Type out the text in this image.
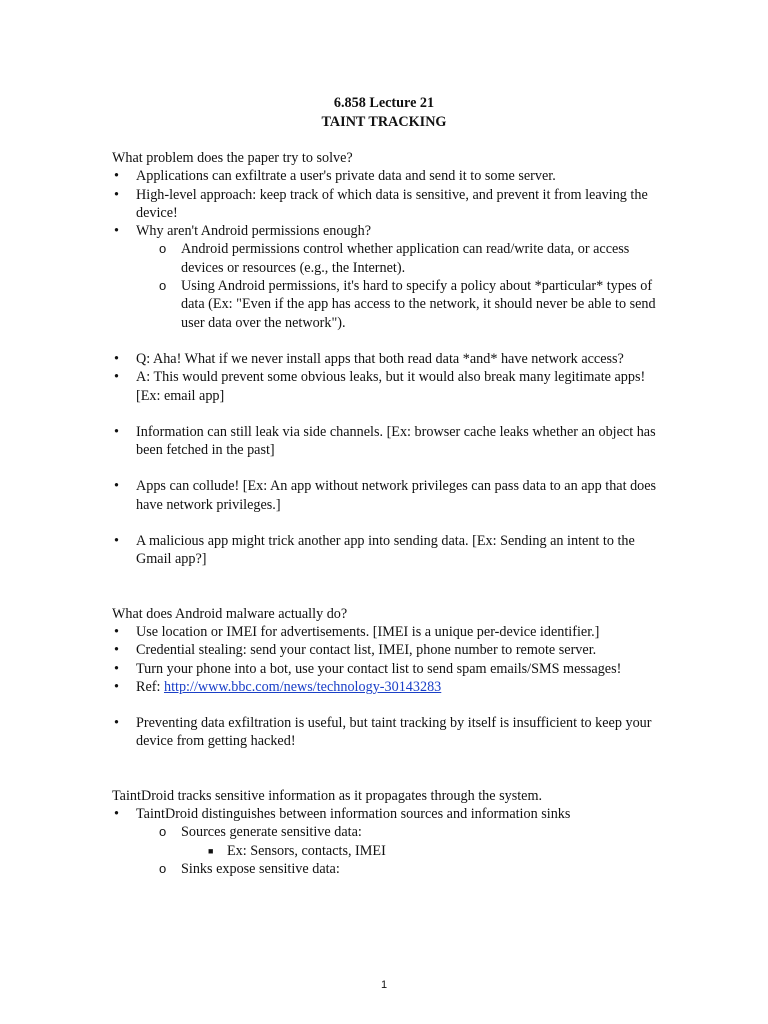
6.858 Lecture 21
TAINT TRACKING
What problem does the paper try to solve?
• Applications can exfiltrate a user's private data and send it to some server.
• High-level approach: keep track of which data is sensitive, and prevent it from leaving the device!
• Why aren't Android permissions enough?
o Android permissions control whether application can read/write data, or access devices or resources (e.g., the Internet).
o Using Android permissions, it's hard to specify a policy about *particular* types of data (Ex: "Even if the app has access to the network, it should never be able to send user data over the network").
• Q: Aha! What if we never install apps that both read data *and* have network access?
• A: This would prevent some obvious leaks, but it would also break many legitimate apps! [Ex: email app]
• Information can still leak via side channels. [Ex: browser cache leaks whether an object has been fetched in the past]
• Apps can collude! [Ex: An app without network privileges can pass data to an app that does have network privileges.]
• A malicious app might trick another app into sending data. [Ex: Sending an intent to the Gmail app?]
What does Android malware actually do?
• Use location or IMEI for advertisements. [IMEI is a unique per-device identifier.]
• Credential stealing: send your contact list, IMEI, phone number to remote server.
• Turn your phone into a bot, use your contact list to send spam emails/SMS messages!
• Ref: http://www.bbc.com/news/technology-30143283
• Preventing data exfiltration is useful, but taint tracking by itself is insufficient to keep your device from getting hacked!
TaintDroid tracks sensitive information as it propagates through the system.
• TaintDroid distinguishes between information sources and information sinks
o Sources generate sensitive data:
■ Ex: Sensors, contacts, IMEI
o Sinks expose sensitive data:
1
